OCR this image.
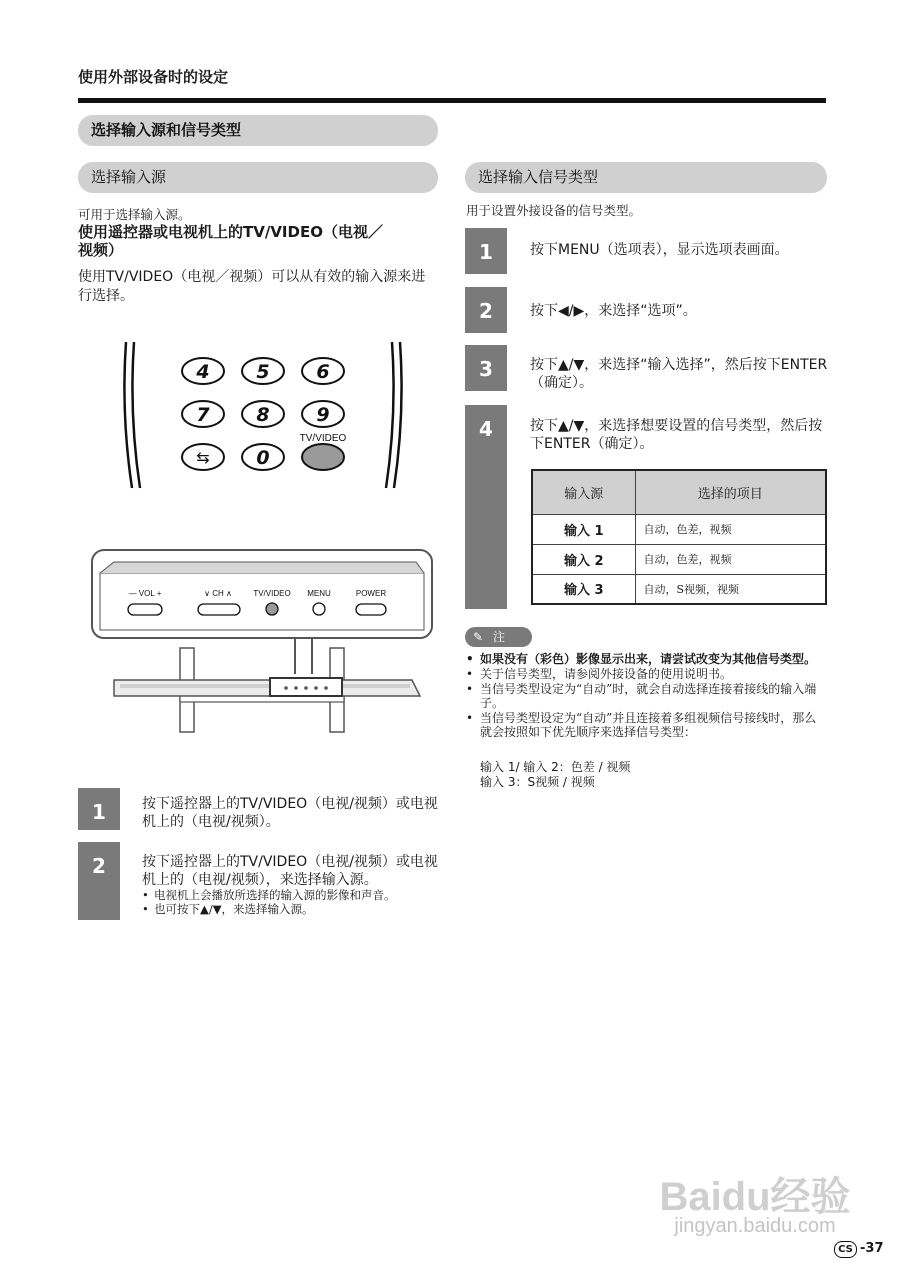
使用外部设备时的设定
选择输入源和信号类型
选择输入源
可用于选择输入源。
使用遥控器或电视机上的TV/VIDEO（电视／视频）
使用TV/VIDEO（电视／视频）可以从有效的输入源来进行选择。
4 5 6
7 8 9
0
⇆
TV/VIDEO
— VOL +	∨ CH ∧	TV/VIDEO MENU	POWER
1	按下遥控器上的TV/VIDEO（电视/视频）或电视机上的（电视/视频）。
2	按下遥控器上的TV/VIDEO（电视/视频）或电视机上的（电视/视频），来选择输入源。
• 电视机上会播放所选择的输入源的影像和声音。
• 也可按下▲/▼，来选择输入源。
选择输入信号类型
用于设置外接设备的信号类型。
1	按下MENU（选项表），显示选项表画面。
2	按下◀/▶，来选择“选项”。
3	按下▲/▼，来选择“输入选择”，然后按下ENTER（确定）。
4	按下▲/▼，来选择想要设置的信号类型，然后按下ENTER（确定）。
输入源	选择的项目
输入 1	自动，色差，视频
输入 2	自动，色差，视频
输入 3	自动，S视频，视频
✎ 注
• 如果没有（彩色）影像显示出来，请尝试改变为其他信号类型。
• 关于信号类型，请参阅外接设备的使用说明书。
• 当信号类型设定为“自动”时，就会自动选择连接着接线的输入端子。
• 当信号类型设定为“自动”并且连接着多组视频信号接线时，那么就会按照如下优先顺序来选择信号类型：
输入 1/ 输入 2：色差 / 视频
输入 3：S视频 / 视频
Baidu经验
jingyan.baidu.com
CS -37
